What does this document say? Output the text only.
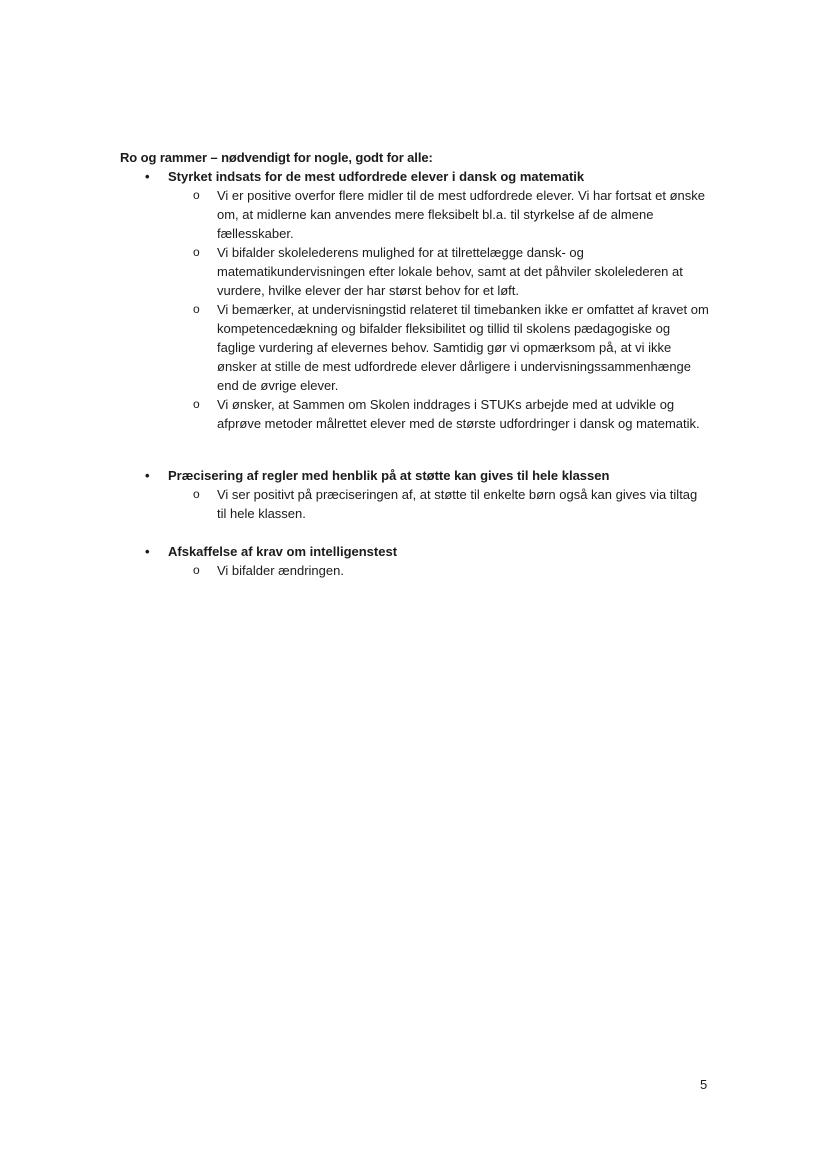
Ro og rammer – nødvendigt for nogle, godt for alle:
•	Styrket indsats for de mest udfordrede elever i dansk og matematik
o Vi er positive overfor flere midler til de mest udfordrede elever. Vi har fortsat et ønske om, at midlerne kan anvendes mere fleksibelt bl.a. til styrkelse af de almene fællesskaber.
o Vi bifalder skolelederens mulighed for at tilrettelægge dansk- og matematikundervisningen efter lokale behov, samt at det påhviler skolelederen at vurdere, hvilke elever der har størst behov for et løft.
o Vi bemærker, at undervisningstid relateret til timebanken ikke er omfattet af kravet om kompetencedækning og bifalder fleksibilitet og tillid til skolens pædagogiske og faglige vurdering af elevernes behov. Samtidig gør vi opmærksom på, at vi ikke ønsker at stille de mest udfordrede elever dårligere i undervisningssammenhænge end de øvrige elever.
o Vi ønsker, at Sammen om Skolen inddrages i STUKs arbejde med at udvikle og afprøve metoder målrettet elever med de største udfordringer i dansk og matematik.
•	Præcisering af regler med henblik på at støtte kan gives til hele klassen
o Vi ser positivt på præciseringen af, at støtte til enkelte børn også kan gives via tiltag til hele klassen.
•	Afskaffelse af krav om intelligenstest
o Vi bifalder ændringen.
5
